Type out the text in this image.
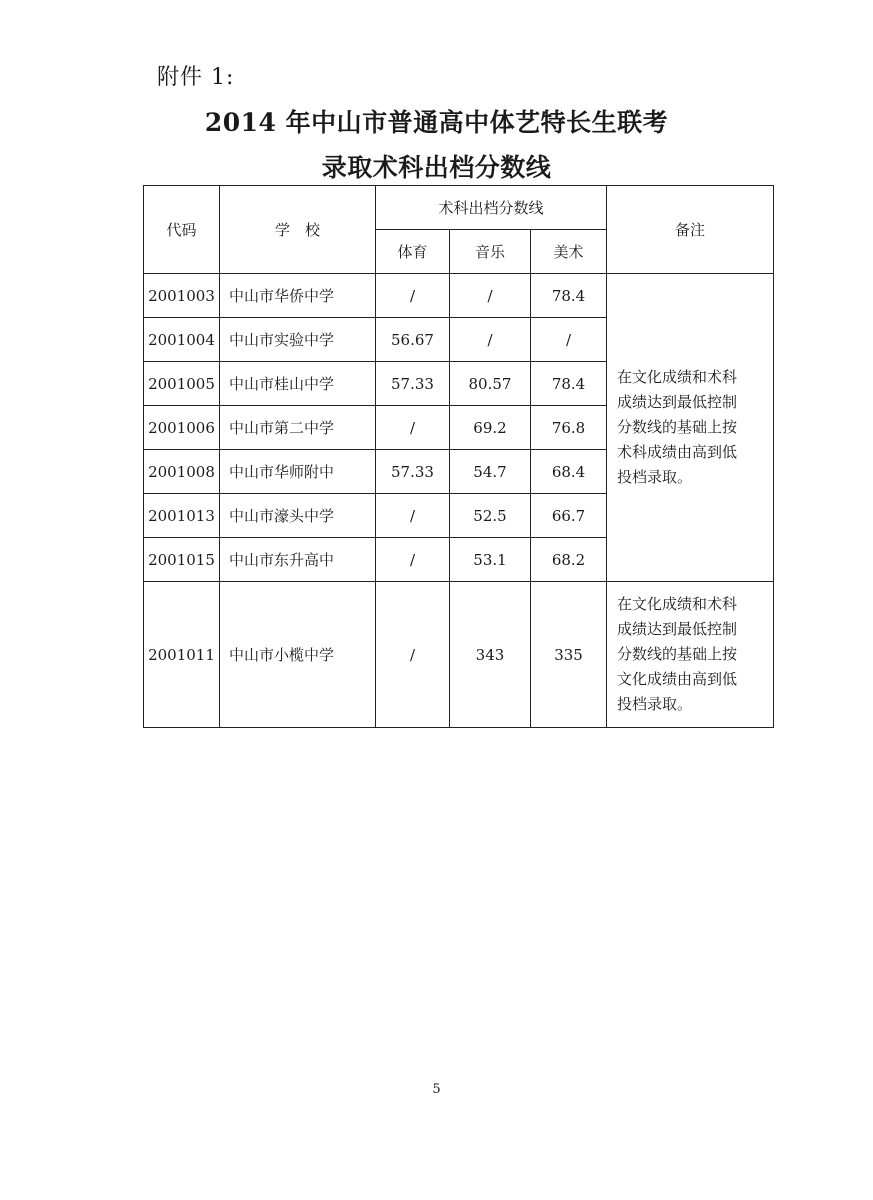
附件 1:
2014 年中山市普通高中体艺特长生联考
录取术科出档分数线
代码	学　校	术科出档分数线			备注
		体育	音乐	美术	
2001003	中山市华侨中学	/	/	78.4	在文化成绩和术科
成绩达到最低控制
分数线的基础上按
术科成绩由高到低
投档录取。

2001004	中山市实验中学	56.67	/	/	
2001005	中山市桂山中学	57.33	80.57	78.4	
2001006	中山市第二中学	/	69.2	76.8	
2001008	中山市华师附中	57.33	54.7	68.4	
2001013	中山市濠头中学	/	52.5	66.7	
2001015	中山市东升高中	/	53.1	68.2	
2001011	中山市小榄中学	/	343	335	在文化成绩和术科
成绩达到最低控制
分数线的基础上按
文化成绩由高到低
投档录取。
5
